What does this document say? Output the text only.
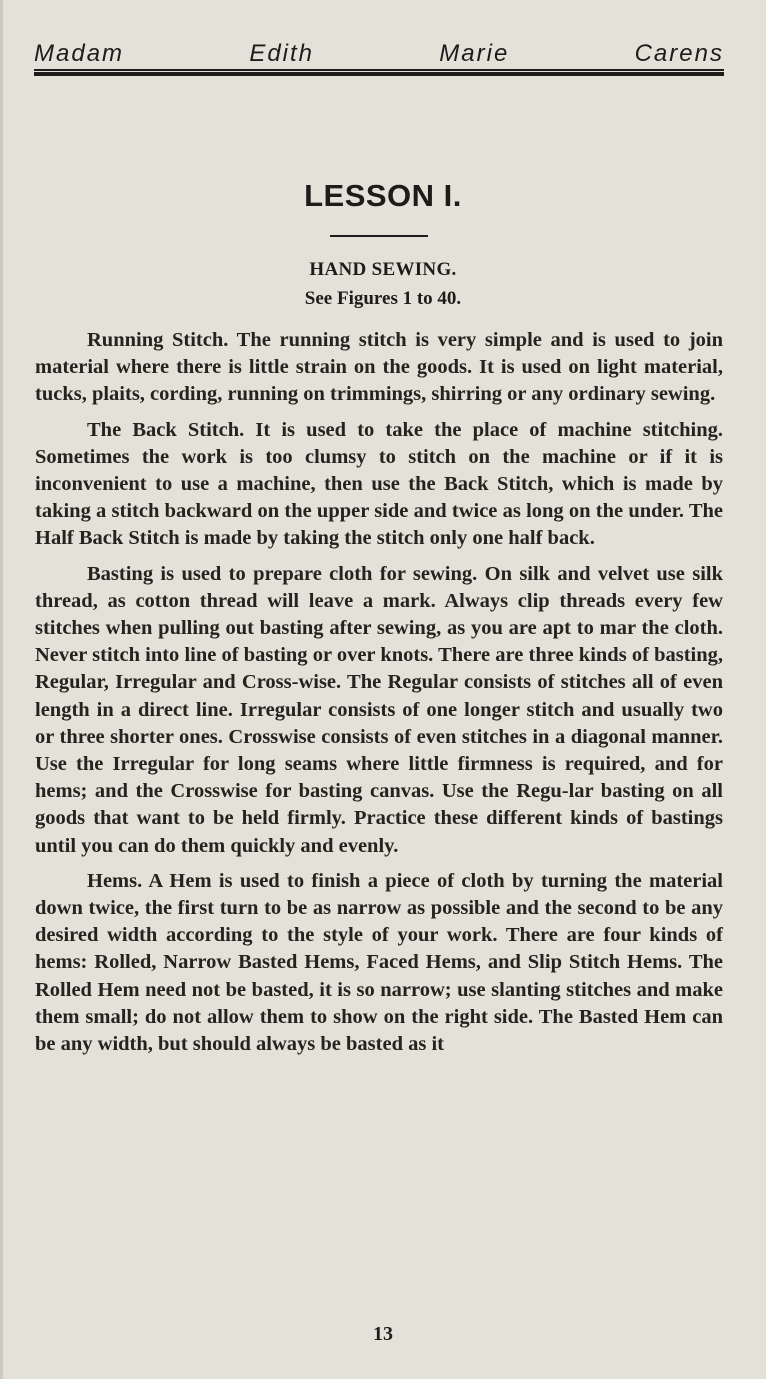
Madam	Edith	Marie	Carens
LESSON I.
HAND SEWING.
See Figures 1 to 40.

Running Stitch. The running stitch is very simple and is used to join material where there is little strain on the goods. It is used on light material, tucks, plaits, cording, running on trimmings, shirring or any ordinary sewing.

The Back Stitch. It is used to take the place of machine stitching. Sometimes the work is too clumsy to stitch on the machine or if it is inconvenient to use a machine, then use the Back Stitch, which is made by taking a stitch backward on the upper side and twice as long on the under. The Half Back Stitch is made by taking the stitch only one half back.

Basting is used to prepare cloth for sewing. On silk and velvet use silk thread, as cotton thread will leave a mark. Always clip threads every few stitches when pulling out basting after sewing, as you are apt to mar the cloth. Never stitch into line of basting or over knots. There are three kinds of basting, Regular, Irregular and Cross-wise. The Regular consists of stitches all of even length in a direct line. Irregular consists of one longer stitch and usually two or three shorter ones. Crosswise consists of even stitches in a diagonal manner. Use the Irregular for long seams where little firmness is required, and for hems; and the Crosswise for basting canvas. Use the Regu-lar basting on all goods that want to be held firmly. Practice these different kinds of bastings until you can do them quickly and evenly.

Hems. A Hem is used to finish a piece of cloth by turning the material down twice, the first turn to be as narrow as possible and the second to be any desired width according to the style of your work. There are four kinds of hems: Rolled, Narrow Basted Hems, Faced Hems, and Slip Stitch Hems. The Rolled Hem need not be basted, it is so narrow; use slanting stitches and make them small; do not allow them to show on the right side. The Basted Hem can be any width, but should always be basted as it

13
